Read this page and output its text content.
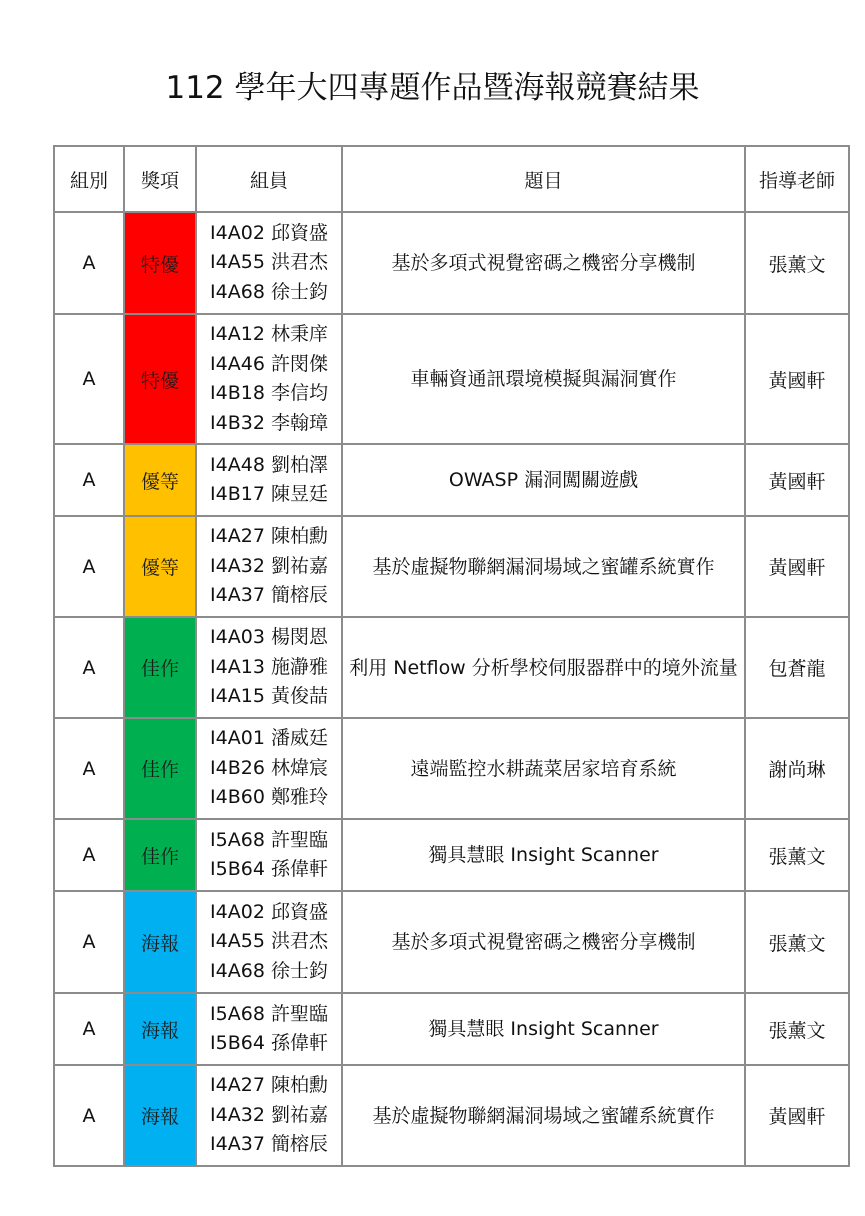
112 學年大四專題作品暨海報競賽結果
組別	獎項	組員	題目	指導老師
A	特優	I4A02 邱資盛
I4A55 洪君杰
I4A68 徐士鈞	基於多項式視覺密碼之機密分享機制	張薰文
A	特優	I4A12 林秉庠
I4A46 許閔傑
I4B18 李信均
I4B32 李翰璋	車輛資通訊環境模擬與漏洞實作	黃國軒
A	優等	I4A48 劉柏澤
I4B17 陳昱廷	OWASP 漏洞闖關遊戲	黃國軒
A	優等	I4A27 陳柏勳
I4A32 劉祐嘉
I4A37 簡榕辰	基於虛擬物聯網漏洞場域之蜜罐系統實作	黃國軒
A	佳作	I4A03 楊閔恩
I4A13 施瀞雅
I4A15 黃俊喆	利用 Netflow 分析學校伺服器群中的境外流量	包蒼龍
A	佳作	I4A01 潘威廷
I4B26 林煒宸
I4B60 鄭雅玲	遠端監控水耕蔬菜居家培育系統	謝尚琳
A	佳作	I5A68 許聖臨
I5B64 孫偉軒	獨具慧眼 Insight Scanner	張薰文
A	海報	I4A02 邱資盛
I4A55 洪君杰
I4A68 徐士鈞	基於多項式視覺密碼之機密分享機制	張薰文
A	海報	I5A68 許聖臨
I5B64 孫偉軒	獨具慧眼 Insight Scanner	張薰文
A	海報	I4A27 陳柏勳
I4A32 劉祐嘉
I4A37 簡榕辰	基於虛擬物聯網漏洞場域之蜜罐系統實作	黃國軒
